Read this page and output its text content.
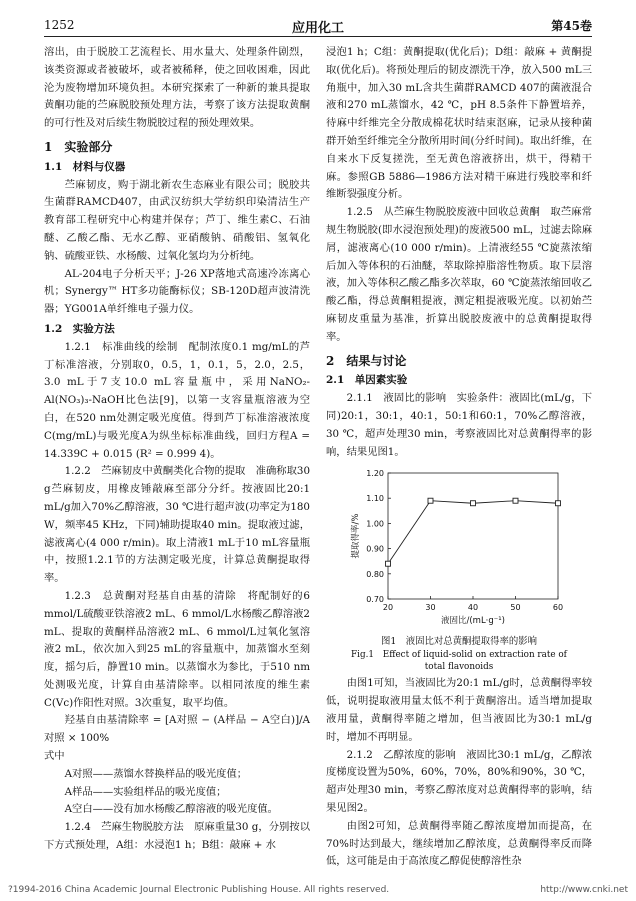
1252	应用化工	第45卷

溶出，由于脱胶工艺流程长、用水量大、处理条件剧烈，该类资源或者被破坏，或者被稀释，使之回收困难，因此沦为废物增加环境负担。本研究探索了一种新的兼具提取黄酮功能的苎麻脱胶预处理方法，考察了该方法提取黄酮的可行性及对后续生物脱胶过程的预处理效果。

1　实验部分
1.1　材料与仪器

苎麻韧皮，购于湖北新农生态麻业有限公司；脱胶共生菌群RAMCD407，由武汉纺织大学纺织印染清洁生产教育部工程研究中心构建并保存；芦丁、维生素C、石油醚、乙酸乙酯、无水乙醇、亚硝酸钠、硝酸铝、氢氧化钠、硫酸亚铁、水杨酸、过氧化氢均为分析纯。

AL-204电子分析天平；J-26 XP落地式高速冷冻离心机；Synergy™ HT多功能酶标仪；SB-120D超声波清洗器；YG001A单纤维电子强力仪。

1.2　实验方法

1.2.1　标准曲线的绘制　配制浓度0.1 mg/mL的芦丁标准溶液，分别取0，0.5，1，0.1，5，2.0，2.5，3.0 mL于7支10.0 mL容量瓶中，采用NaNO₂-Al(NO₃)₃-NaOH比色法[9]，以第一支容量瓶溶液为空白，在520 nm处测定吸光度值。得到芦丁标准溶液浓度C(mg/mL)与吸光度A为纵坐标标准曲线，回归方程A = 14.339C + 0.015 (R² = 0.999 4)。

1.2.2　苎麻韧皮中黄酮类化合物的提取　准确称取30 g苎麻韧皮，用橡皮锤敲麻至部分分纤。按液固比20:1 mL/g加入70%乙醇溶液，30 ℃进行超声波(功率定为180 W，频率45 KHz，下同)辅助提取40 min。提取液过滤，滤液离心(4 000 r/min)。取上清液1 mL于10 mL容量瓶中，按照1.2.1节的方法测定吸光度，计算总黄酮提取得率。

1.2.3　总黄酮对羟基自由基的清除　将配制好的6 mmol/L硫酸亚铁溶液2 mL、6 mmol/L水杨酸乙醇溶液2 mL、提取的黄酮样品溶液2 mL、6 mmol/L过氧化氢溶液2 mL，依次加入到25 mL的容量瓶中，加蒸馏水至刻度，摇匀后，静置10 min。以蒸馏水为参比，于510 nm处测吸光度，计算自由基清除率。以相同浓度的维生素C(Vc)作阳性对照。3次重复，取平均值。

羟基自由基清除率 = [A对照 − (A样品 − A空白)]/A对照 × 100%

式中

A对照——蒸馏水替换样品的吸光度值；

A样品——实验组样品的吸光度值；

A空白——没有加水杨酸乙醇溶液的吸光度值。

1.2.4　苎麻生物脱胶方法　原麻重量30 g，分别按以下方式预处理，A组：水浸泡1 h；B组：敲麻 + 水

浸泡1 h；C组：黄酮提取(优化后)；D组：敲麻 + 黄酮提取(优化后)。将预处理后的韧皮漂洗干净，放入500 mL三角瓶中，加入30 mL含共生菌群RAMCD 407的菌液混合液和270 mL蒸馏水，42 ℃，pH 8.5条件下静置培养，待麻中纤维完全分散成棉花状时结束沤麻，记录从接种菌群开始至纤维完全分散所用时间(分纤时间)。取出纤维，在自来水下反复搓洗，至无黄色溶液挤出，烘干，得精干麻。参照GB 5886—1986方法对精干麻进行残胶率和纤维断裂强度分析。

1.2.5　从苎麻生物脱胶废液中回收总黄酮　取苎麻常规生物脱胶(即水浸泡预处理)的废液500 mL，过滤去除麻屑，滤液离心(10 000 r/min)。上清液经55 ℃旋蒸浓缩后加入等体积的石油醚，萃取除掉脂溶性物质。取下层溶液，加入等体积乙酸乙酯多次萃取，60 ℃旋蒸浓缩回收乙酸乙酯，得总黄酮粗提液，测定粗提液吸光度。以初始苎麻韧皮重量为基准，折算出脱胶废液中的总黄酮提取得率。

2　结果与讨论
2.1　单因素实验

2.1.1　液固比的影响　实验条件：液固比(mL/g，下同)20:1，30:1，40:1，50:1和60:1，70%乙醇溶液，30 ℃，超声处理30 min，考察液固比对总黄酮得率的影响，结果见图1。

20	30	40	50	60
0.70
0.80
0.90
1.00
1.10
1.20
液固比/(mL·g⁻¹)
提取得率/%
图1　液固比对总黄酮提取得率的影响
Fig.1　Effect of liquid-solid on extraction rate of
total flavonoids

由图1可知，当液固比为20:1 mL/g时，总黄酮得率较低，说明提取液用量太低不利于黄酮溶出。适当增加提取液用量，黄酮得率随之增加，但当液固比为30:1 mL/g时，增加不再明显。

2.1.2　乙醇浓度的影响　液固比30:1 mL/g，乙醇浓度梯度设置为50%，60%，70%，80%和90%，30 ℃，超声处理30 min，考察乙醇浓度对总黄酮得率的影响，结果见图2。

由图2可知，总黄酮得率随乙醇浓度增加而提高，在70%时达到最大，继续增加乙醇浓度，总黄酮得率反而降低，这可能是由于高浓度乙醇促使醇溶性杂

?1994-2016 China Academic Journal Electronic Publishing House. All rights reserved.	http://www.cnki.net
